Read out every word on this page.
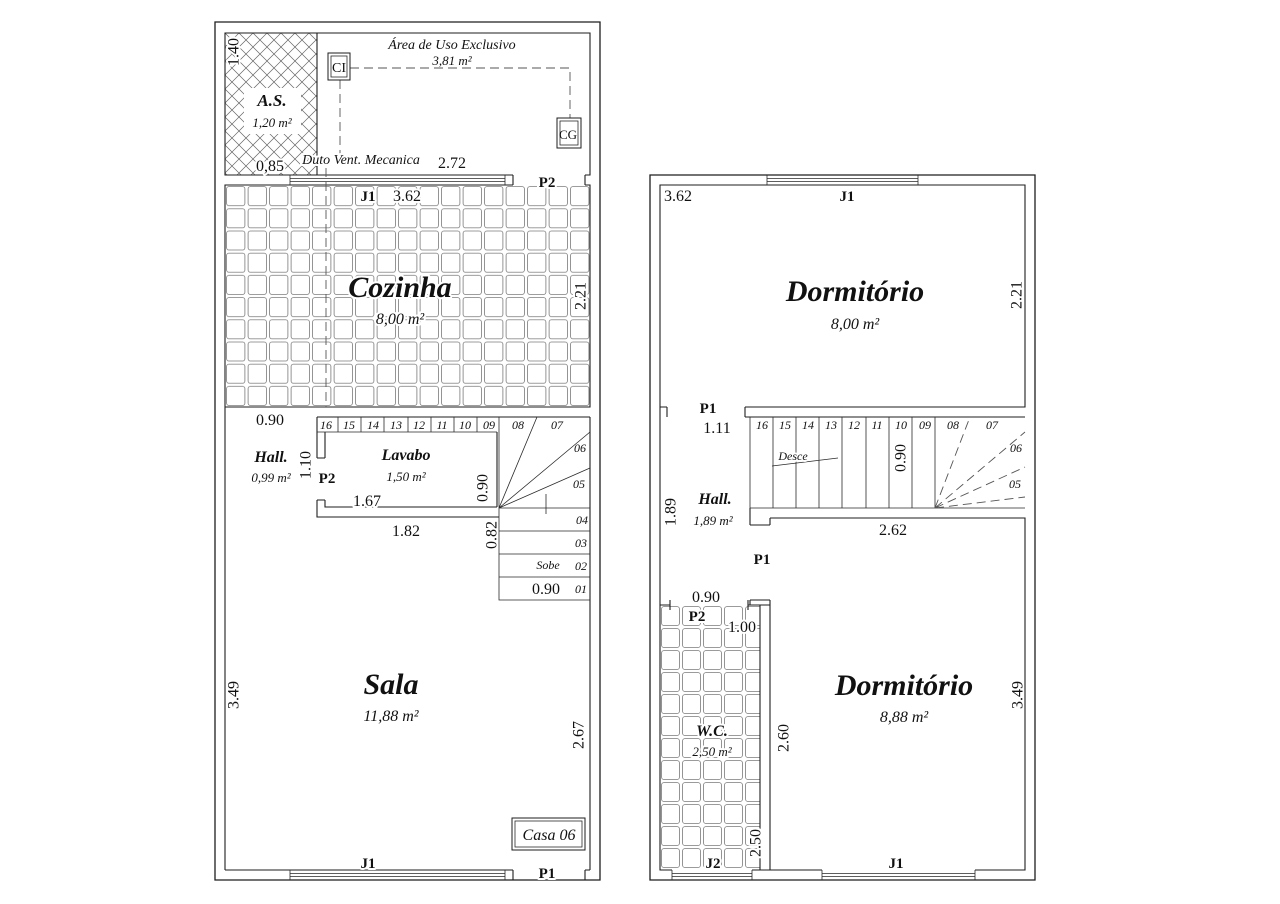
Área de Uso Exclusivo
3,81 m²
2.72
CI
CG
Duto Vent. Mecanica
A.S.
1,20 m²
1.40
0,85
P2
J1 3.62
Cozinha
8,00 m²
2.21
0.90
Hall.
0,99 m² 1.10 P2
Lavabo
1,50 m²
1.67	0.90
1.82
16 15 14 13 12 11 10 09 08 07
06
05
04
03
02
01
Sobe
0.90
0.82
Sala
11,88 m²
3.49
2.67
Casa 06
J1
P1
3.62	J1
Dormitório
8,00 m²
2.21
P1
1.11
Hall.
1,89 m²
1.89
0.90
16 15 14 13 12 11 10 09 08 07
06
05
Desce	0.90
2.62
P1
Dormitório
8,88 m²
2.60
3.49
J1
P2
1.00
W.C.
2,50 m²
2.50
J2
